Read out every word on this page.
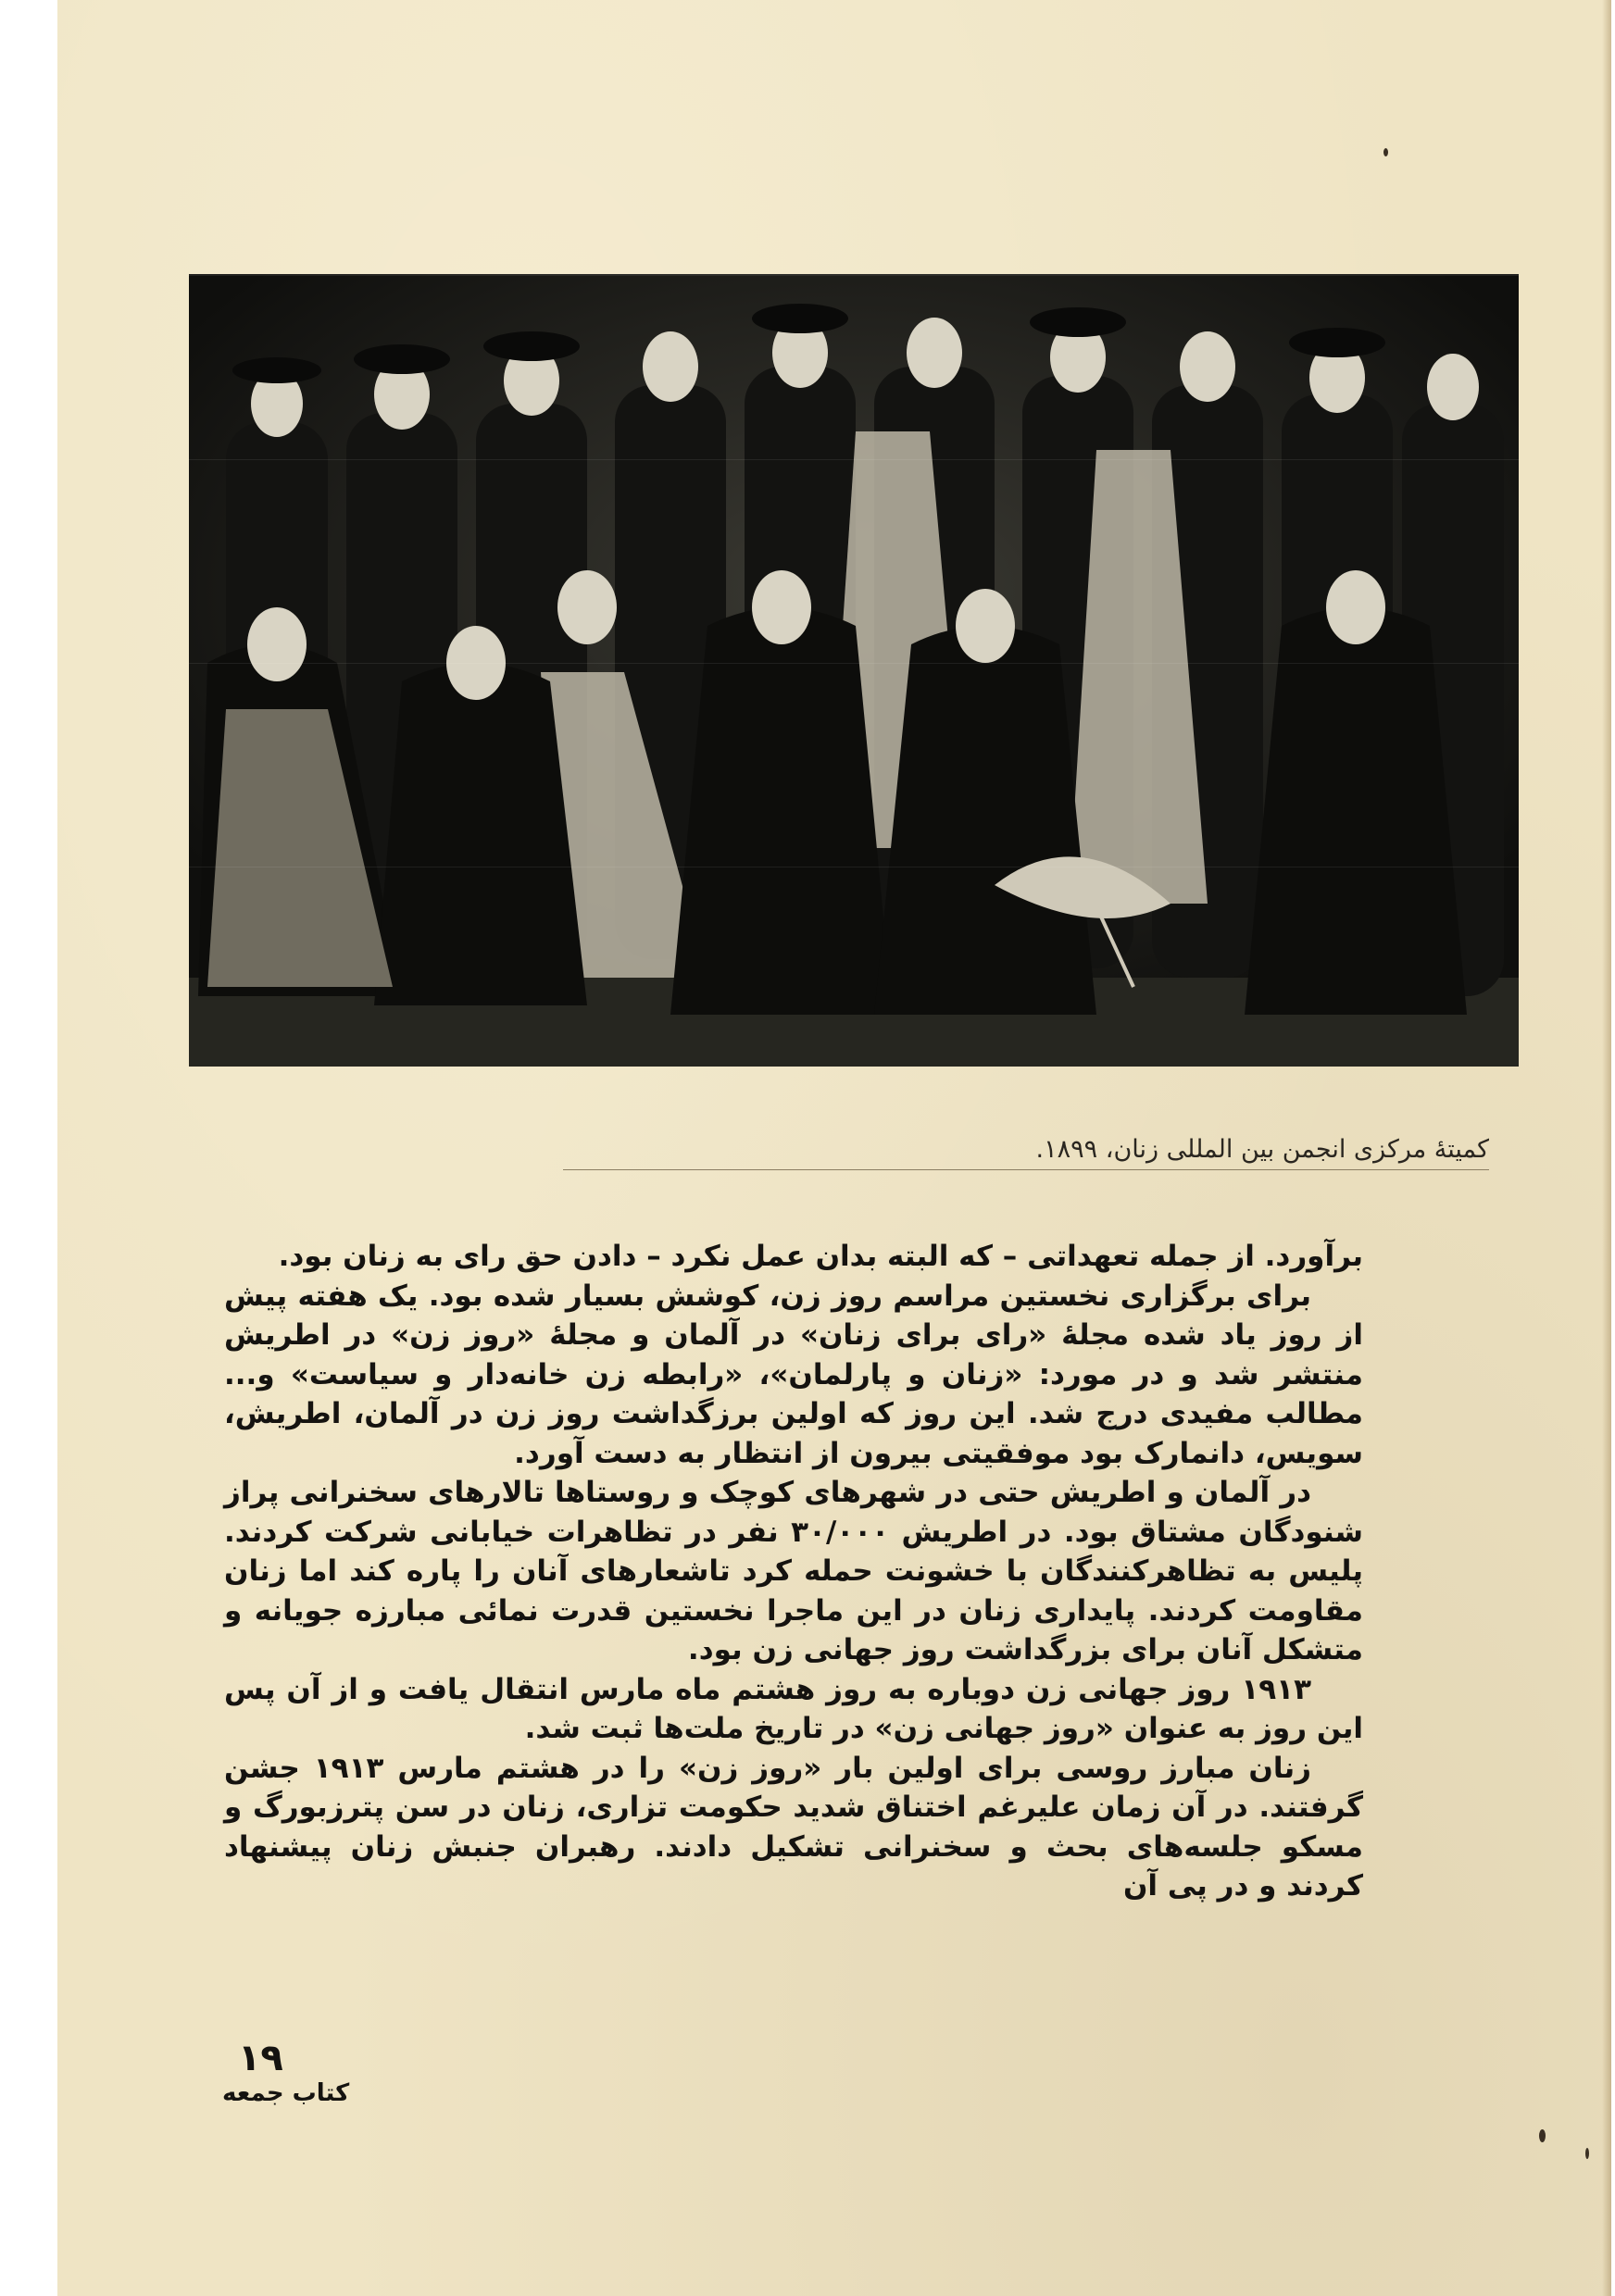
کمیتهٔ مرکزی انجمن بین المللی زنان، ۱۸۹۹.

برآورد. از جمله تعهداتی – که البته بدان عمل نکرد – دادن حق رای به زنان بود.

برای برگزاری نخستین مراسم روز زن، کوشش بسیار شده بود. یک هفته پیش از روز یاد شده مجلهٔ «رای برای زنان» در آلمان و مجلهٔ «روز زن» در اطریش منتشر شد و در مورد: «زنان و پارلمان»، «رابطه زن خانه‌دار و سیاست» و... مطالب مفیدی درج شد. این روز که اولین برزگداشت روز زن در آلمان، اطریش، سویس، دانمارک بود موفقیتی بیرون از انتظار به دست آورد.

در آلمان و اطریش حتی در شهرهای کوچک و روستاها تالارهای سخنرانی پراز شنودگان مشتاق بود. در اطریش ۳۰/۰۰۰ نفر در تظاهرات خیابانی شرکت کردند. پلیس به تظاهرکنندگان با خشونت حمله کرد تاشعارهای آنان را پاره کند اما زنان مقاومت کردند. پایداری زنان در این ماجرا نخستین قدرت نمائی مبارزه جویانه و متشکل آنان برای بزرگداشت روز جهانی زن بود.

۱۹۱۳ روز جهانی زن دوباره به روز هشتم ماه مارس انتقال یافت و از آن پس این روز به عنوان «روز جهانی زن» در تاریخ ملت‌ها ثبت شد.

زنان مبارز روسی برای اولین بار «روز زن» را در هشتم مارس ۱۹۱۳ جشن گرفتند. در آن زمان علیرغم اختناق شدید حکومت تزاری، زنان در سن پترزبورگ و مسکو جلسه‌های بحث و سخنرانی تشکیل دادند. رهبران جنبش زنان پیشنهاد کردند و در پی آن

۱۹
کتاب جمعه
